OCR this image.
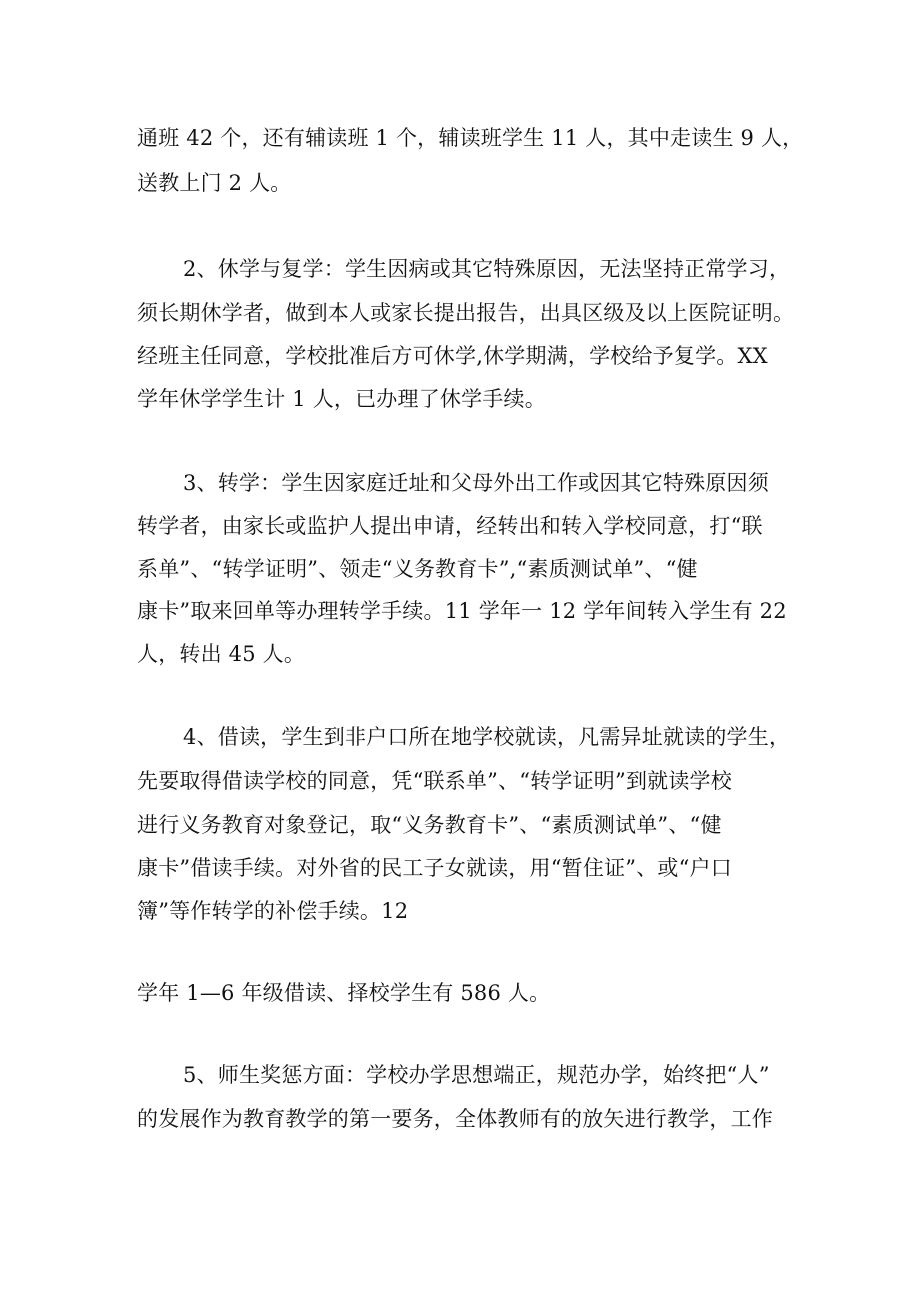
通班 42 个，还有辅读班 1 个，辅读班学生 11 人，其中走读生 9 人，
送教上门 2 人。
2、休学与复学：学生因病或其它特殊原因，无法坚持正常学习，
须长期休学者，做到本人或家长提出报告，出具区级及以上医院证明。
经班主任同意，学校批准后方可休学,休学期满，学校给予复学。XX
学年休学学生计 1 人，已办理了休学手续。
3、转学：学生因家庭迁址和父母外出工作或因其它特殊原因须
转学者，由家长或监护人提出申请，经转出和转入学校同意，打“联
系单”、“转学证明”、领走“义务教育卡”,“素质测试单”、“健
康卡”取来回单等办理转学手续。11 学年一 12 学年间转入学生有 22
人，转出 45 人。
4、借读，学生到非户口所在地学校就读，凡需异址就读的学生，
先要取得借读学校的同意，凭“联系单”、“转学证明”到就读学校
进行义务教育对象登记，取“义务教育卡”、“素质测试单”、“健
康卡”借读手续。对外省的民工子女就读，用“暂住证”、或“户口
簿”等作转学的补偿手续。12
学年 1—6 年级借读、择校学生有 586 人。
5、师生奖惩方面：学校办学思想端正，规范办学，始终把“人”
的发展作为教育教学的第一要务，全体教师有的放矢进行教学，工作
